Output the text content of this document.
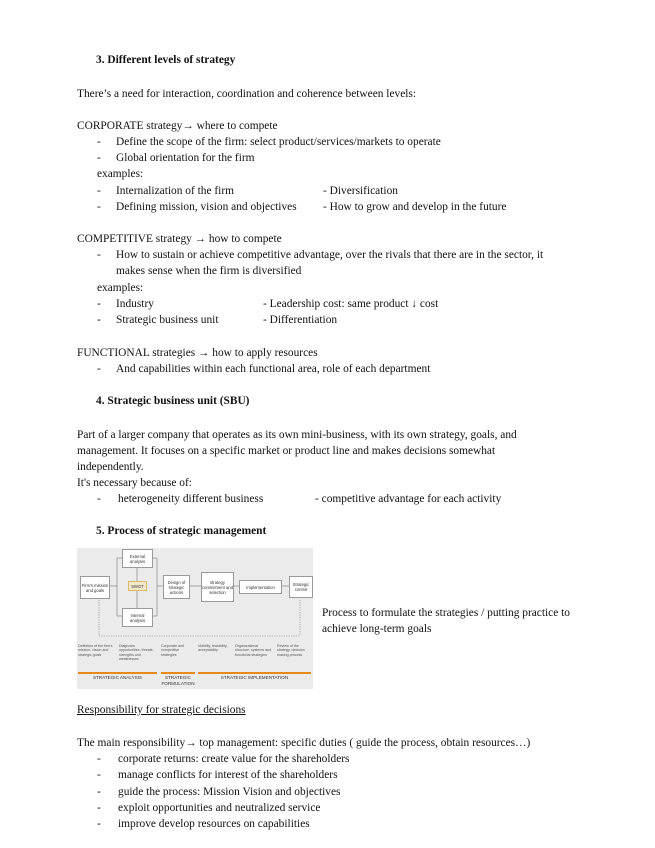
3. Different levels of strategy
There’s a need for interaction, coordination and coherence between levels:
CORPORATE strategy→ where to compete
- Define the scope of the firm: select product/services/markets to operate
- Global orientation for the firm
examples:
- Internalization of the firm	- Diversification
- Defining mission, vision and objectives - How to grow and develop in the future
COMPETITIVE strategy → how to compete
- How to sustain or achieve competitive advantage, over the rivals that there are in the sector, it
makes sense when the firm is diversified
examples:
- Industry	- Leadership cost: same product ↓ cost
- Strategic business unit	- Differentiation
FUNCTIONAL strategies → how to apply resources
- And capabilities within each functional area, role of each department
4. Strategic business unit (SBU)
Part of a larger company that operates as its own mini-business, with its own strategy, goals, and
management. It focuses on a specific market or product line and makes decisions somewhat
independently.
It's necessary because of:
- heterogeneity different business	- competitive advantage for each activity
5. Process of strategic management
Firm's mission and goals
External analysis
SWOT
Internal analysis
Design of strategic actions
strategy commitment and selection
Implementation	Strategic control
Definition of the firm's mission, vision and strategic goals
Diagnosis opportunities, threats, strengths and weaknesses
Corporate and competitive strategies
Viability, feasibility, acceptability
Organizational structure, systems and functional strategies
Review of the strategy, decision making process
STRATEGIC ANALYSIS	STRATEGIC FORMULATION
STRATEGIC IMPLEMENTATION
Process to formulate the strategies / putting practice to
achieve long-term goals
Responsibility for strategic decisions
The main responsibility→ top management: specific duties ( guide the process, obtain resources…)
- corporate returns: create value for the shareholders
- manage conflicts for interest of the shareholders
- guide the process: Mission Vision and objectives
- exploit opportunities and neutralized service
- improve develop resources on capabilities
